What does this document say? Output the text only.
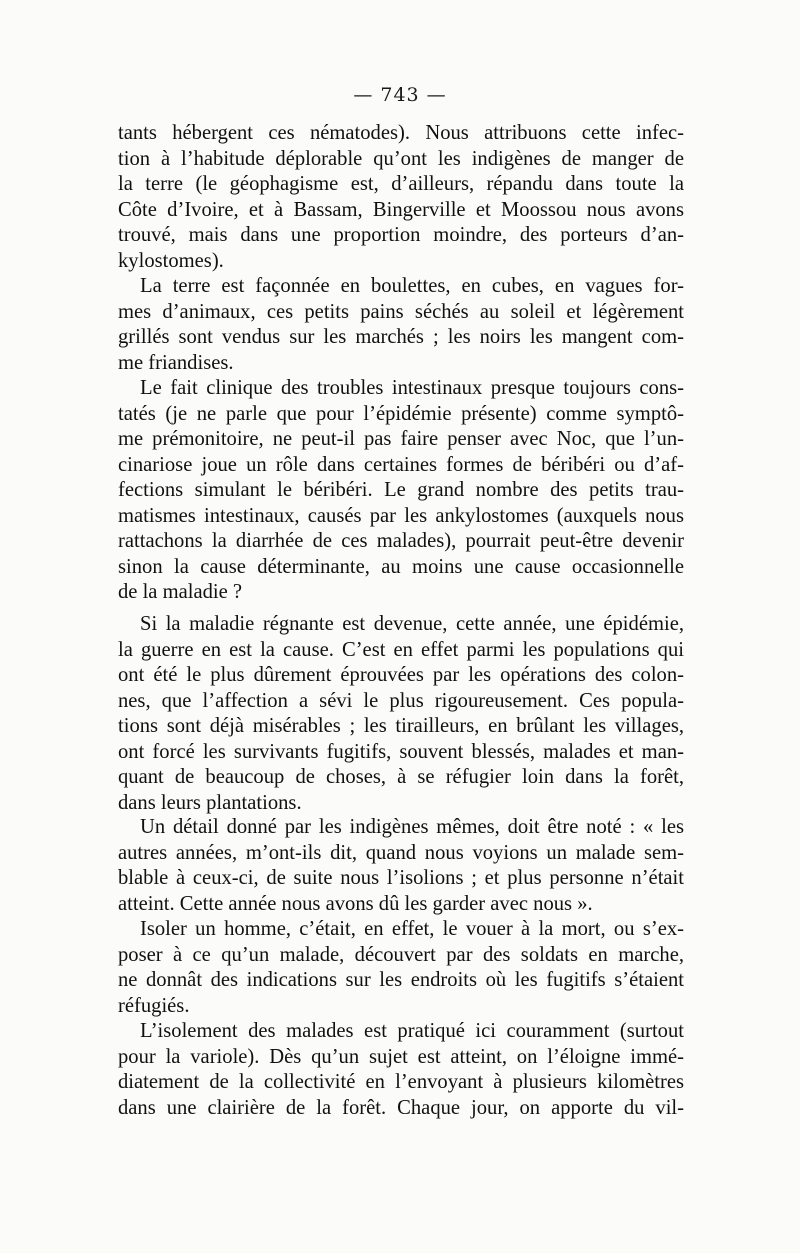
— 743 —
tants hébergent ces nématodes). Nous attribuons cette infec-
tion à l’habitude déplorable qu’ont les indigènes de manger de
la terre (le géophagisme est, d’ailleurs, répandu dans toute la
Côte d’Ivoire, et à Bassam, Bingerville et Moossou nous avons
trouvé, mais dans une proportion moindre, des porteurs d’an-
kylostomes).
La terre est façonnée en boulettes, en cubes, en vagues for-
mes d’animaux, ces petits pains séchés au soleil et légèrement
grillés sont vendus sur les marchés ; les noirs les mangent com-
me friandises.
Le fait clinique des troubles intestinaux presque toujours cons-
tatés (je ne parle que pour l’épidémie présente) comme symptô-
me prémonitoire, ne peut-il pas faire penser avec Noc, que l’un-
cinariose joue un rôle dans certaines formes de béribéri ou d’af-
fections simulant le béribéri. Le grand nombre des petits trau-
matismes intestinaux, causés par les ankylostomes (auxquels nous
rattachons la diarrhée de ces malades), pourrait peut-être devenir
sinon la cause déterminante, au moins une cause occasionnelle
de la maladie ?
Si la maladie régnante est devenue, cette année, une épidémie,
la guerre en est la cause. C’est en effet parmi les populations qui
ont été le plus dûrement éprouvées par les opérations des colon-
nes, que l’affection a sévi le plus rigoureusement. Ces popula-
tions sont déjà misérables ; les tirailleurs, en brûlant les villages,
ont forcé les survivants fugitifs, souvent blessés, malades et man-
quant de beaucoup de choses, à se réfugier loin dans la forêt,
dans leurs plantations.
Un détail donné par les indigènes mêmes, doit être noté : « les
autres années, m’ont-ils dit, quand nous voyions un malade sem-
blable à ceux-ci, de suite nous l’isolions ; et plus personne n’était
atteint. Cette année nous avons dû les garder avec nous ».
Isoler un homme, c’était, en effet, le vouer à la mort, ou s’ex-
poser à ce qu’un malade, découvert par des soldats en marche,
ne donnât des indications sur les endroits où les fugitifs s’étaient
réfugiés.
L’isolement des malades est pratiqué ici couramment (surtout
pour la variole). Dès qu’un sujet est atteint, on l’éloigne immé-
diatement de la collectivité en l’envoyant à plusieurs kilomètres
dans une clairière de la forêt. Chaque jour, on apporte du vil-
